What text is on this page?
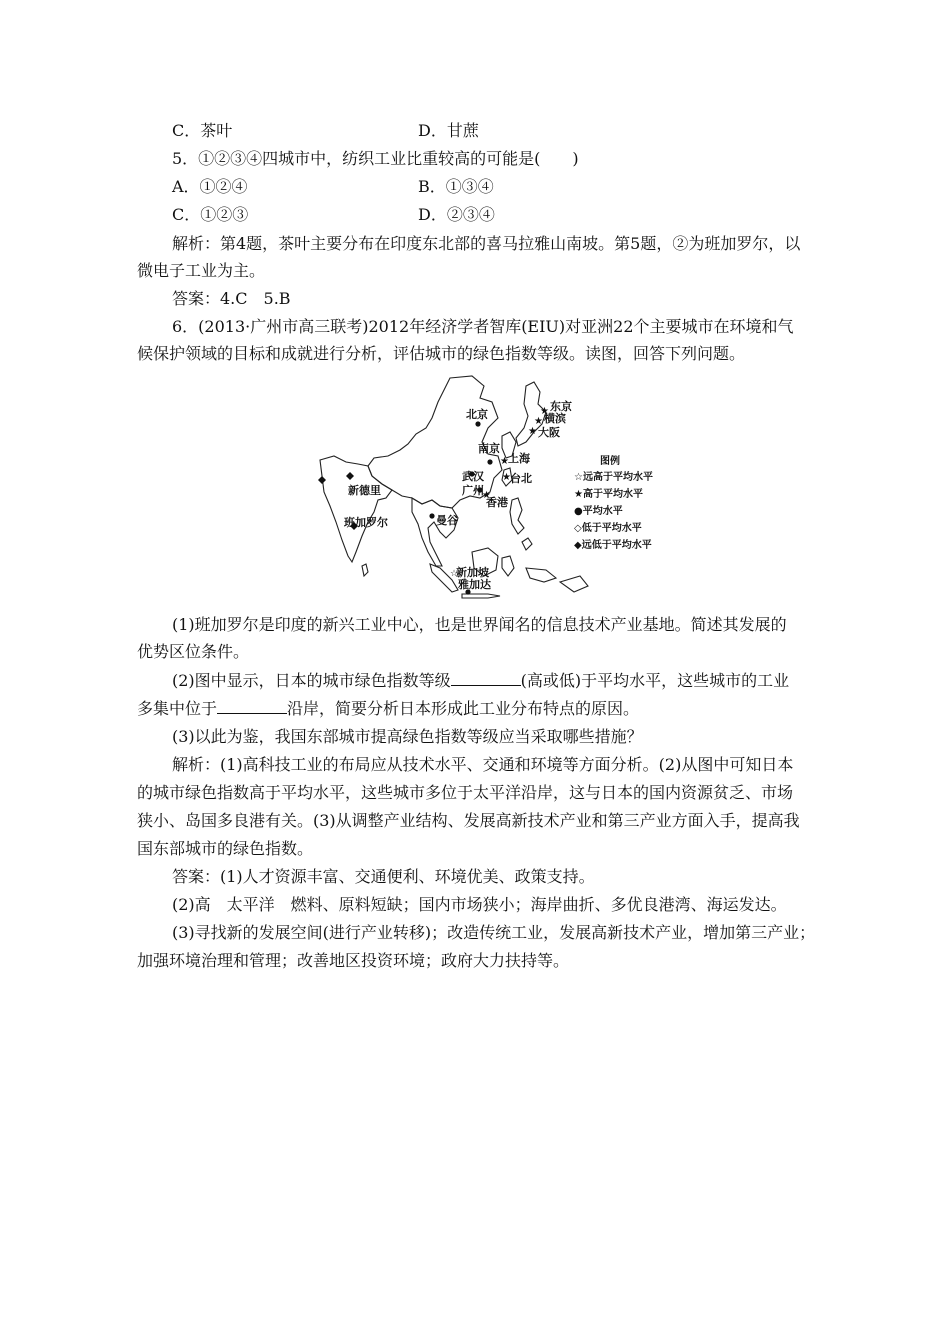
C．茶叶	D．甘蔗
5．①②③④四城市中，纺织工业比重较高的可能是(　　)
A．①②④	B．①③④
C．①②③	D．②③④
解析：第4题，茶叶主要分布在印度东北部的喜马拉雅山南坡。第5题，②为班加罗尔，以
微电子工业为主。
答案：4.C　5.B
6．(2013·广州市高三联考)2012年经济学者智库(EIU)对亚洲22个主要城市在环境和气
候保护领域的目标和成就进行分析，评估城市的绿色指数等级。读图，回答下列问题。
★
★
★
★
★
★
☆
北京
东京
横滨
大阪
南京
上海
武汉 台北
广州
香港
新德里
班加罗尔	曼谷
新加坡
雅加达
图例
☆远高于平均水平
★高于平均水平
●平均水平
◇低于平均水平
◆远低于平均水平
(1)班加罗尔是印度的新兴工业中心，也是世界闻名的信息技术产业基地。简述其发展的
优势区位条件。
(2)图中显示，日本的城市绿色指数等级	(高或低)于平均水平，这些城市的工业
多集中位于	沿岸，简要分析日本形成此工业分布特点的原因。
(3)以此为鉴，我国东部城市提高绿色指数等级应当采取哪些措施？
解析：(1)高科技工业的布局应从技术水平、交通和环境等方面分析。(2)从图中可知日本
的城市绿色指数高于平均水平，这些城市多位于太平洋沿岸，这与日本的国内资源贫乏、市场
狭小、岛国多良港有关。(3)从调整产业结构、发展高新技术产业和第三产业方面入手，提高我
国东部城市的绿色指数。
答案：(1)人才资源丰富、交通便利、环境优美、政策支持。
(2)高　太平洋　燃料、原料短缺；国内市场狭小；海岸曲折、多优良港湾、海运发达。
(3)寻找新的发展空间(进行产业转移)；改造传统工业，发展高新技术产业，增加第三产业；
加强环境治理和管理；改善地区投资环境；政府大力扶持等。
